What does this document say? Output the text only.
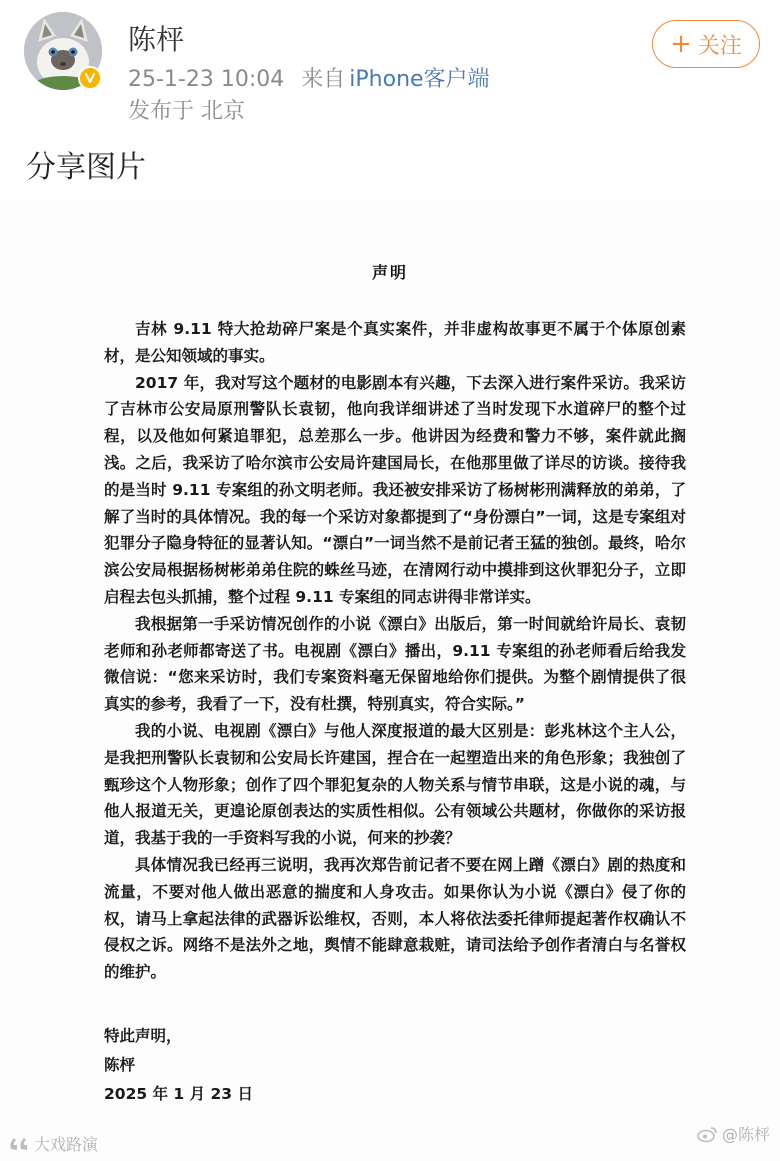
陈枰
25-1-23 10:04 来自 iPhone客户端
发布于 北京
+ 关注
分享图片
声明

吉林 9.11 特大抢劫碎尸案是个真实案件，并非虚构故事更不属于个体原创素材，是公知领域的事实。

2017 年，我对写这个题材的电影剧本有兴趣，下去深入进行案件采访。我采访了吉林市公安局原刑警队长袁韧，他向我详细讲述了当时发现下水道碎尸的整个过程，以及他如何紧追罪犯，总差那么一步。他讲因为经费和警力不够，案件就此搁浅。之后，我采访了哈尔滨市公安局许建国局长，在他那里做了详尽的访谈。接待我的是当时 9.11 专案组的孙文明老师。我还被安排采访了杨树彬刑满释放的弟弟，了解了当时的具体情况。我的每一个采访对象都提到了“身份漂白”一词，这是专案组对犯罪分子隐身特征的显著认知。“漂白”一词当然不是前记者王猛的独创。最终，哈尔滨公安局根据杨树彬弟弟住院的蛛丝马迹，在清网行动中摸排到这伙罪犯分子，立即启程去包头抓捕，整个过程 9.11 专案组的同志讲得非常详实。

我根据第一手采访情况创作的小说《漂白》出版后，第一时间就给许局长、袁韧老师和孙老师都寄送了书。电视剧《漂白》播出，9.11 专案组的孙老师看后给我发微信说：“您来采访时，我们专案资料毫无保留地给你们提供。为整个剧情提供了很真实的参考，我看了一下，没有杜撰，特别真实，符合实际。”

我的小说、电视剧《漂白》与他人深度报道的最大区别是：彭兆林这个主人公，是我把刑警队长袁韧和公安局长许建国，捏合在一起塑造出来的角色形象；我独创了甄珍这个人物形象；创作了四个罪犯复杂的人物关系与情节串联，这是小说的魂，与他人报道无关，更遑论原创表达的实质性相似。公有领域公共题材，你做你的采访报道，我基于我的一手资料写我的小说，何来的抄袭？

具体情况我已经再三说明，我再次郑告前记者不要在网上蹭《漂白》剧的热度和流量，不要对他人做出恶意的揣度和人身攻击。如果你认为小说《漂白》侵了你的权，请马上拿起法律的武器诉讼维权，否则，本人将依法委托律师提起著作权确认不侵权之诉。网络不是法外之地，舆情不能肆意栽赃，请司法给予创作者清白与名誉权的维护。

特此声明，
陈枰
2025 年 1 月 23 日
大戏路演
@陈枰
